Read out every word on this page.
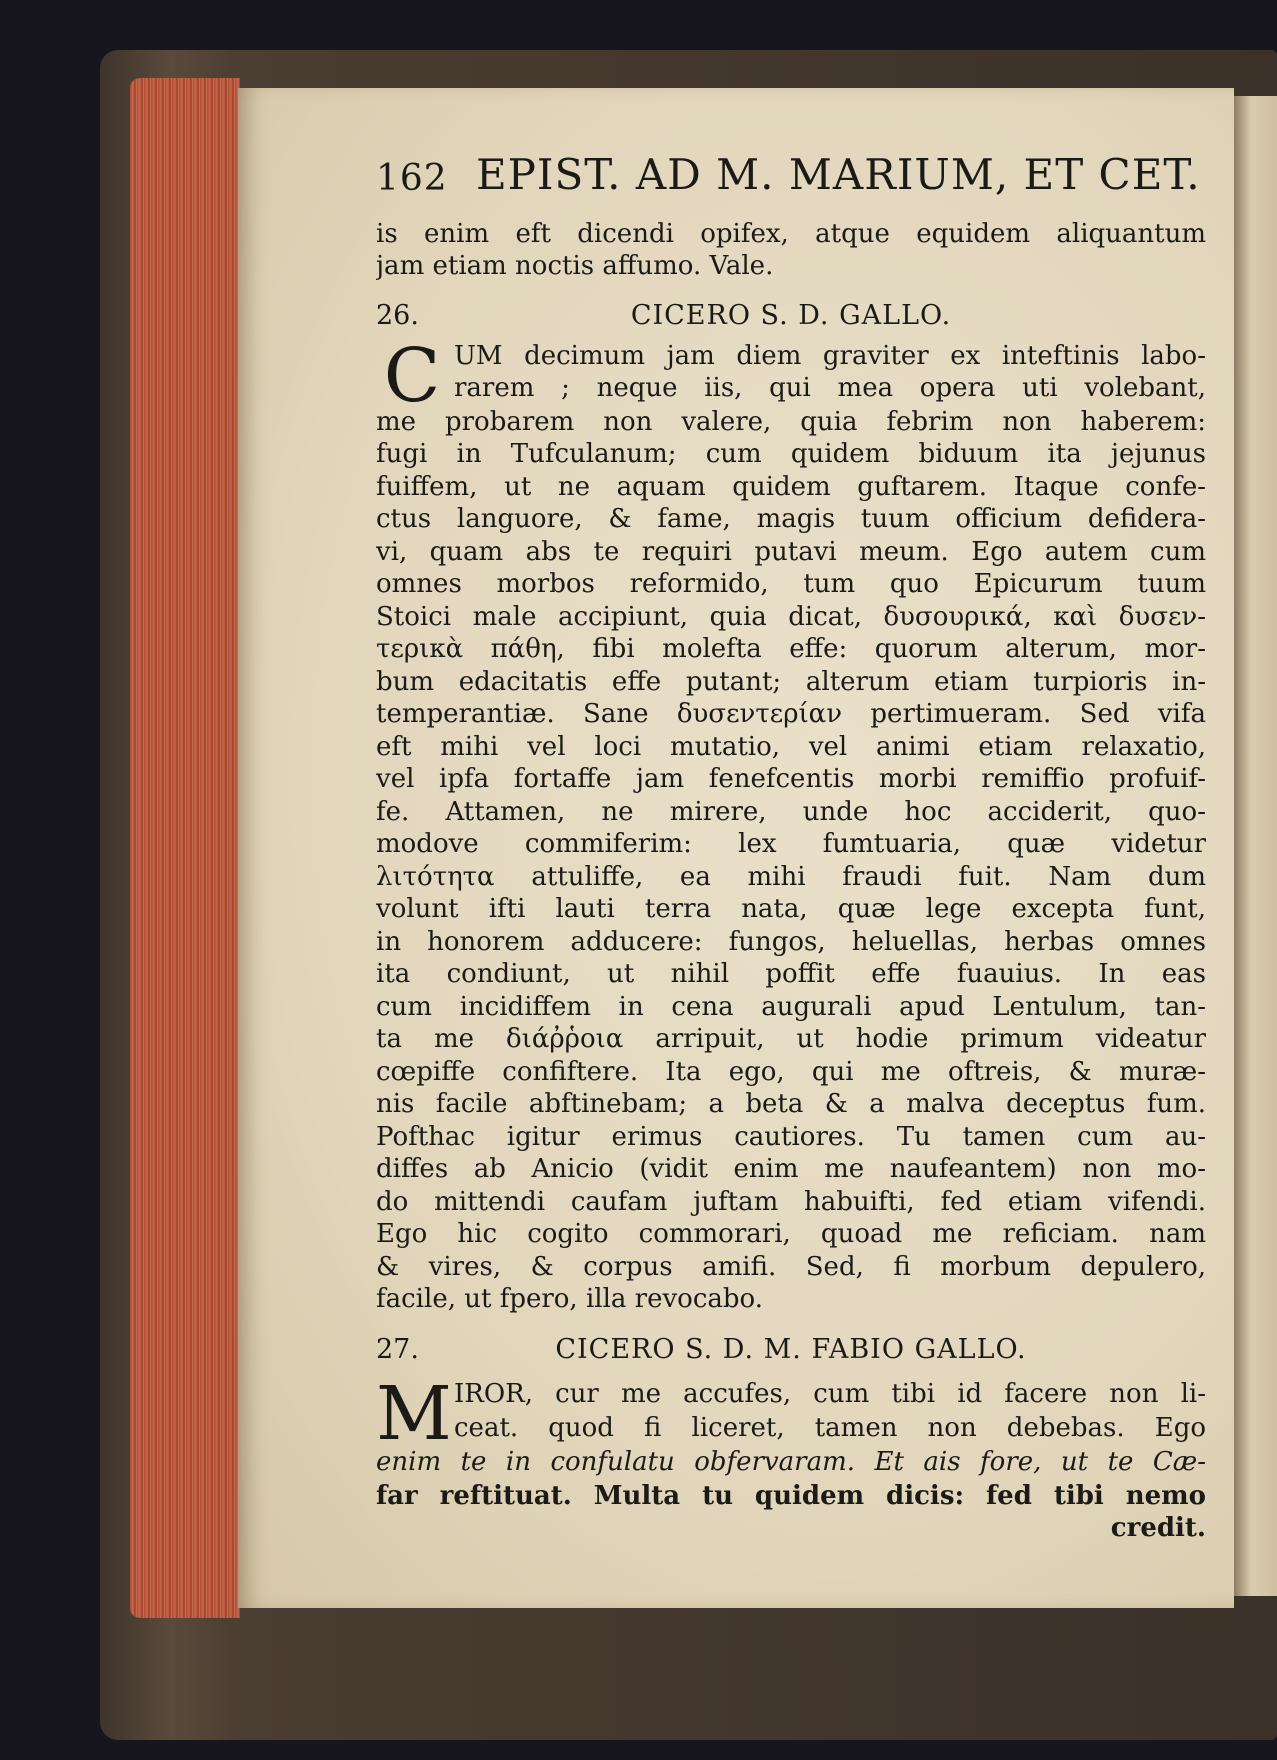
162 EPIST. AD M. MARIUM, ET CET.
is enim eft dicendi opifex, atque equidem aliquantum
jam etiam noctis affumo. Vale.
CICERO S. D. GALLO.
26.
C UM decimum jam diem graviter ex inteftinis labo-
rarem ; neque iis, qui mea opera uti volebant,
me probarem non valere, quia febrim non haberem:
fugi in Tufculanum; cum quidem biduum ita jejunus
fuiffem, ut ne aquam quidem guftarem. Itaque confe-
ctus languore, & fame, magis tuum officium defidera-
vi, quam abs te requiri putavi meum. Ego autem cum
omnes morbos reformido, tum quo Epicurum tuum
Stoici male accipiunt, quia dicat, δυσουρικά, καὶ δυσεν-
τερικὰ πάθη, fibi molefta effe: quorum alterum, mor-
bum edacitatis effe putant; alterum etiam turpioris in-
temperantiæ. Sane δυσεντερίαν pertimueram. Sed vifa
eft mihi vel loci mutatio, vel animi etiam relaxatio,
vel ipfa fortaffe jam fenefcentis morbi remiffio profuif-
fe. Attamen, ne mirere, unde hoc acciderit, quo-
modove commiferim: lex fumtuaria, quæ videtur
λιτότητα attuliffe, ea mihi fraudi fuit. Nam dum
volunt ifti lauti terra nata, quæ lege excepta funt,
in honorem adducere: fungos, heluellas, herbas omnes
ita condiunt, ut nihil poffit effe fuauius. In eas
cum incidiffem in cena augurali apud Lentulum, tan-
ta me διάῤῥοια arripuit, ut hodie primum videatur
cœpiffe confiftere. Ita ego, qui me oftreis, & muræ-
nis facile abftinebam; a beta & a malva deceptus fum.
Pofthac igitur erimus cautiores. Tu tamen cum au-
diffes ab Anicio (vidit enim me naufeantem) non mo-
do mittendi caufam juftam habuifti, fed etiam vifendi.
Ego hic cogito commorari, quoad me reficiam. nam
& vires, & corpus amifi. Sed, fi morbum depulero,
facile, ut fpero, illa revocabo.
CICERO S. D. M. FABIO GALLO.
27.
M IROR, cur me accufes, cum tibi id facere non li-
ceat. quod fi liceret, tamen non debebas. Ego
enim te in confulatu obfervaram. Et ais fore, ut te Cæ-
far reftituat. Multa tu quidem dicis: fed tibi nemo
credit.
